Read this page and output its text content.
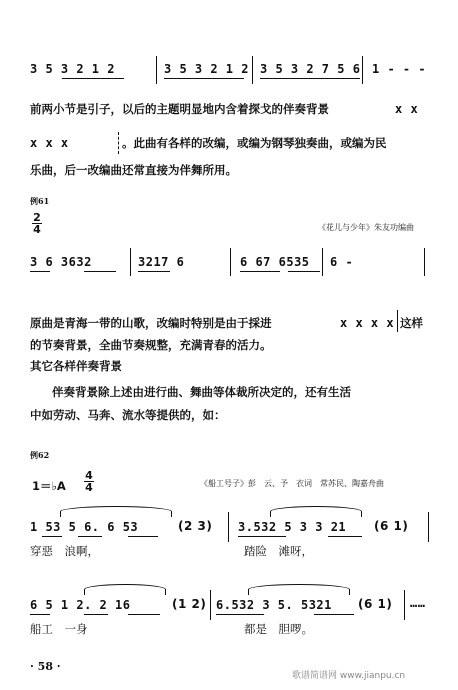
3 5 3 2 1 2	3 5 3 2 1 2 3 5 3 2 7 5 6 1 - - -
前两小节是引子，以后的主题明显地内含着探戈的伴奏背景	x x
x x x	。此曲有各样的改编，或编为钢琴独奏曲，或编为民
乐曲，后一改编曲还常直接为伴舞所用。
例61
$\frac{2}{4}$	《花儿与少年》朱友功编曲
3 6 3632	3217 6	6 67 6535 6 -
原曲是青海一带的山歌，改编时特别是由于採进	x x x x 这样
的节奏背景，全曲节奏规整，充满青春的活力。
其它各样伴奏背景
伴奏背景除上述由进行曲、舞曲等体裁所决定的，还有生活
中如劳动、马奔、流水等提供的，如：
例62
1＝♭A $\frac{4}{4}$	《船工号子》彭　云、予　衣词　常苏民、陶嘉舟曲
1 53 5 6. 6 53	(2 3) 3.532 5 3 3 21 (6 1)
穿惡　浪啊，	踏险　滩呀，
6 5 1 2. 2 16	(1 2) 6.532 3 5. 5321 (6 1) ……
船工　一身	都是　胆啰。
· 58 ·
歌谱简谱网 www.jianpu.cn
